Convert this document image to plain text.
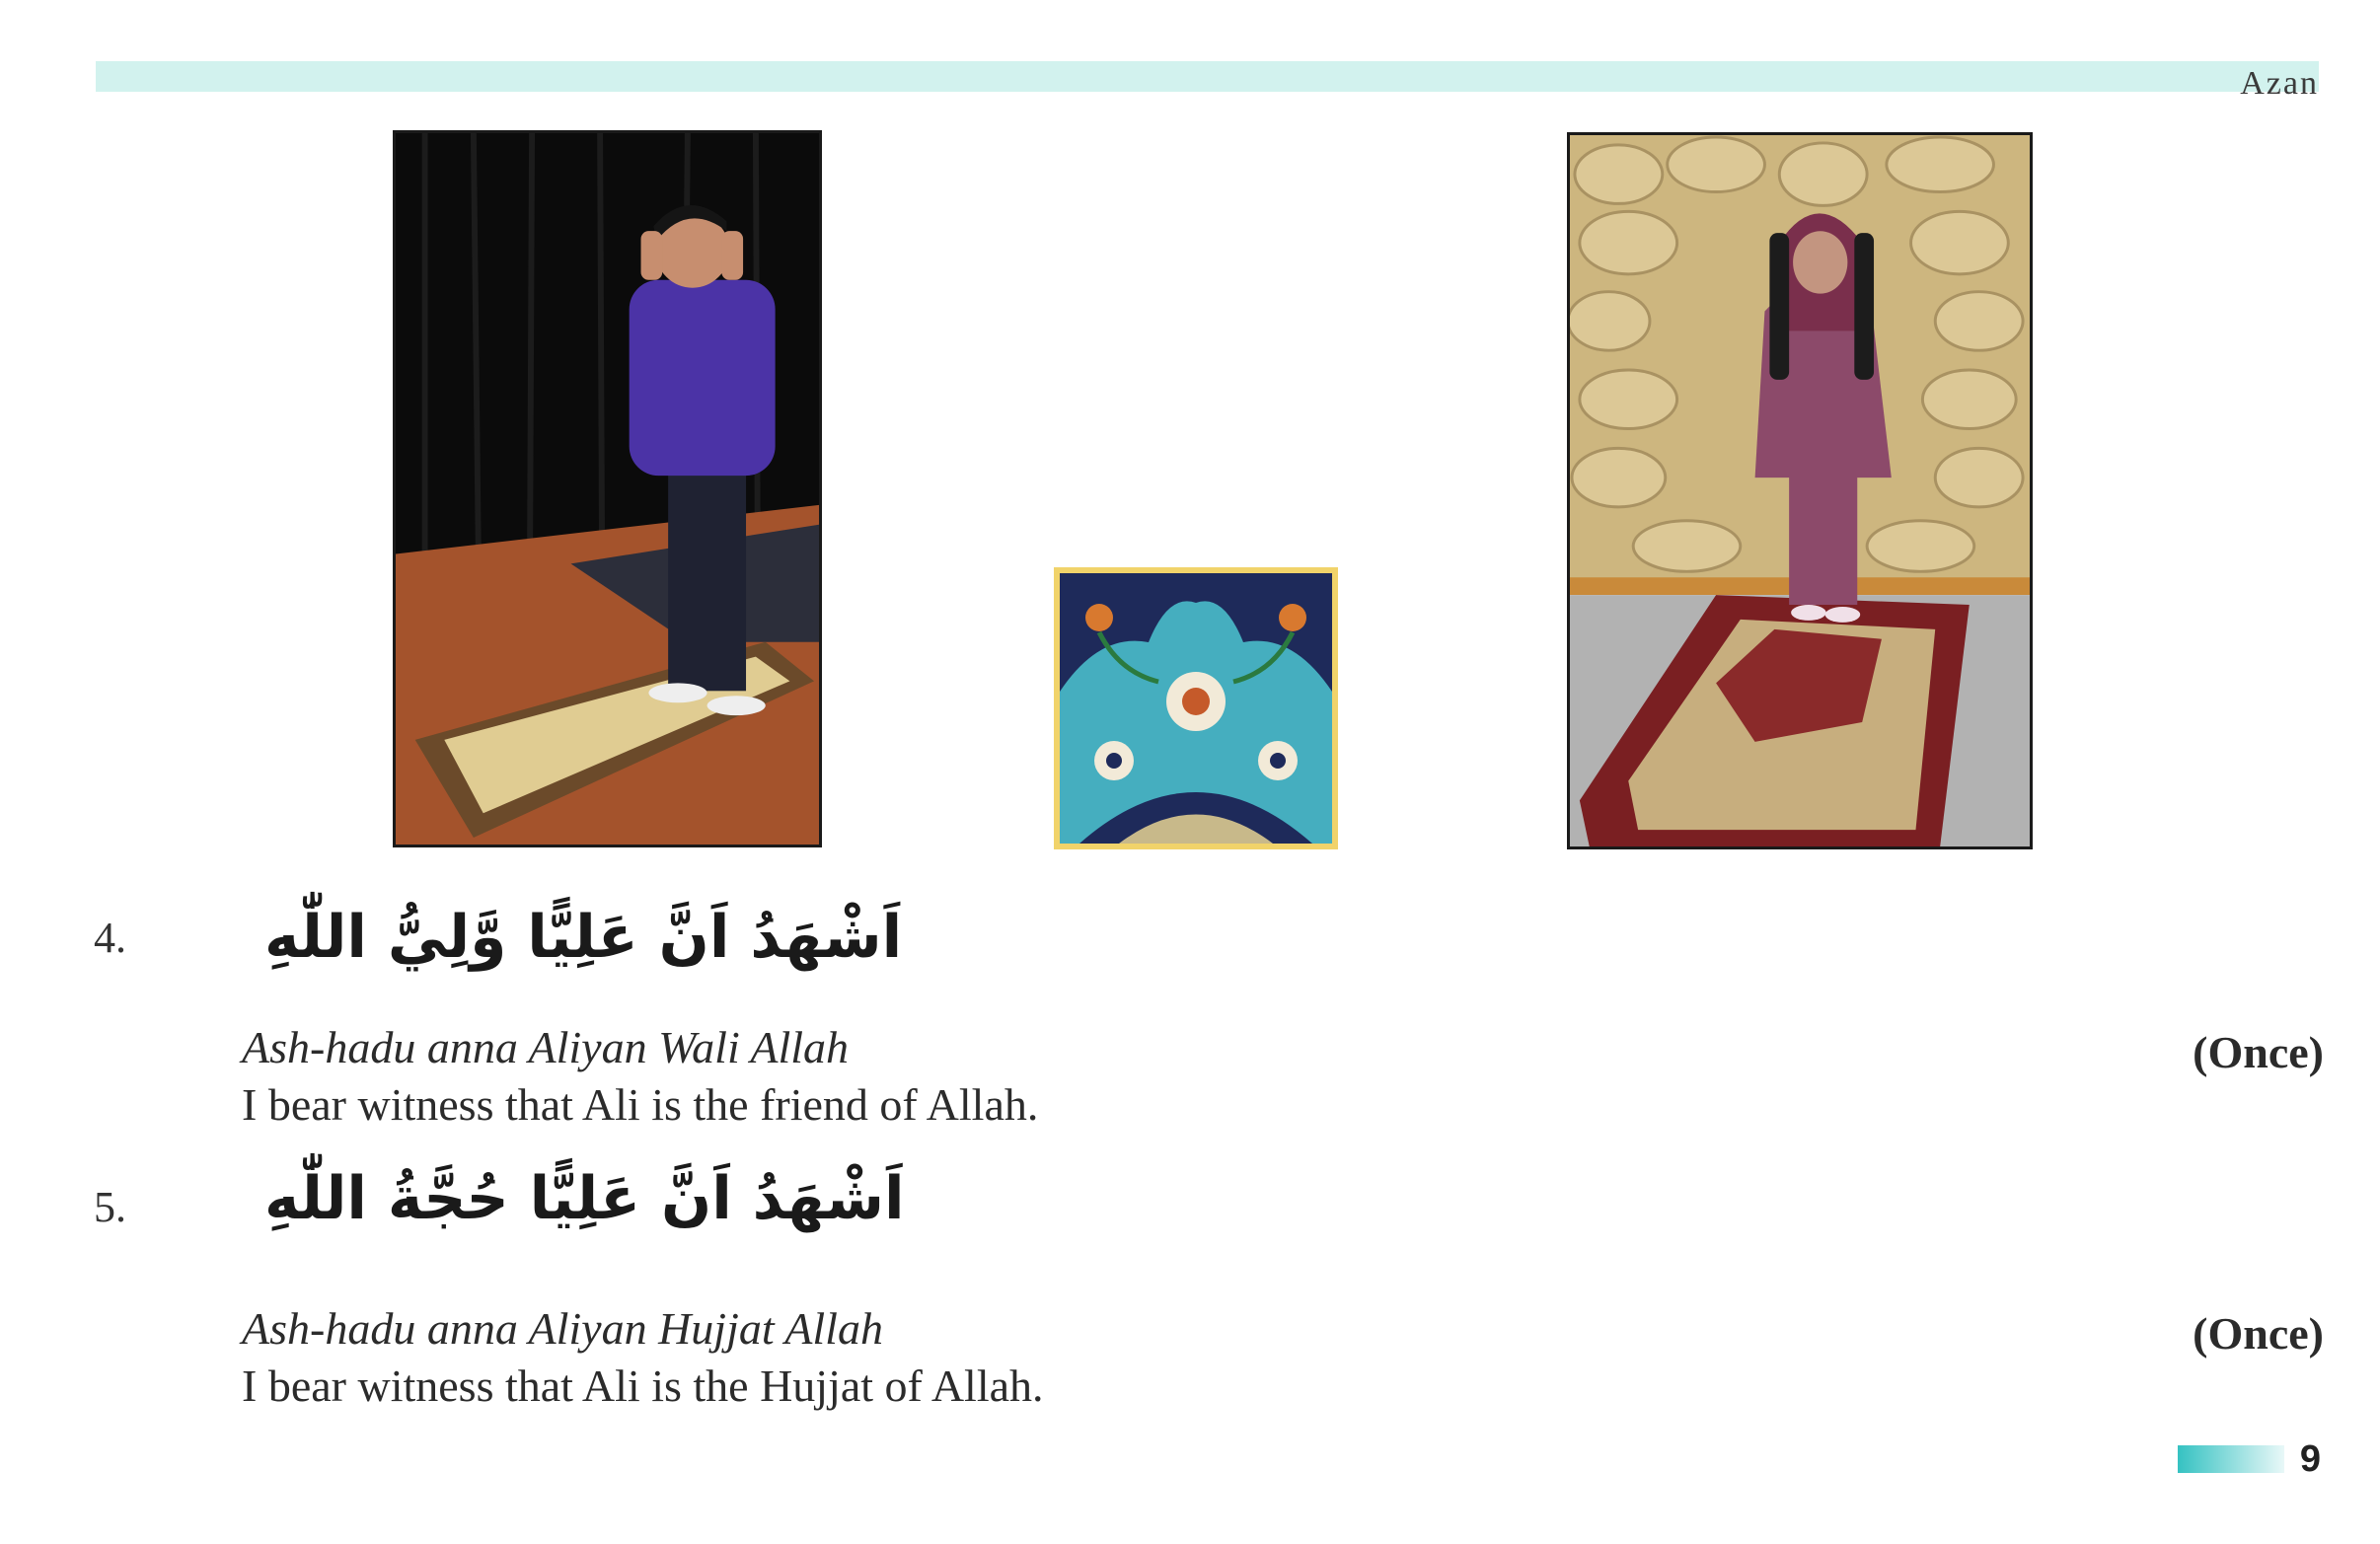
Azan
4. اَشْهَدُ اَنَّ عَلِيًّا وَّلِيُّ اللّٰهِ
Ash-hadu anna Aliyan Wali Allah	(Once)
I bear witness that Ali is the friend of Allah.
5. اَشْهَدُ اَنَّ عَلِيًّا حُجَّةُ اللّٰهِ
Ash-hadu anna Aliyan Hujjat Allah	(Once)
I bear witness that Ali is the Hujjat of Allah.
9
